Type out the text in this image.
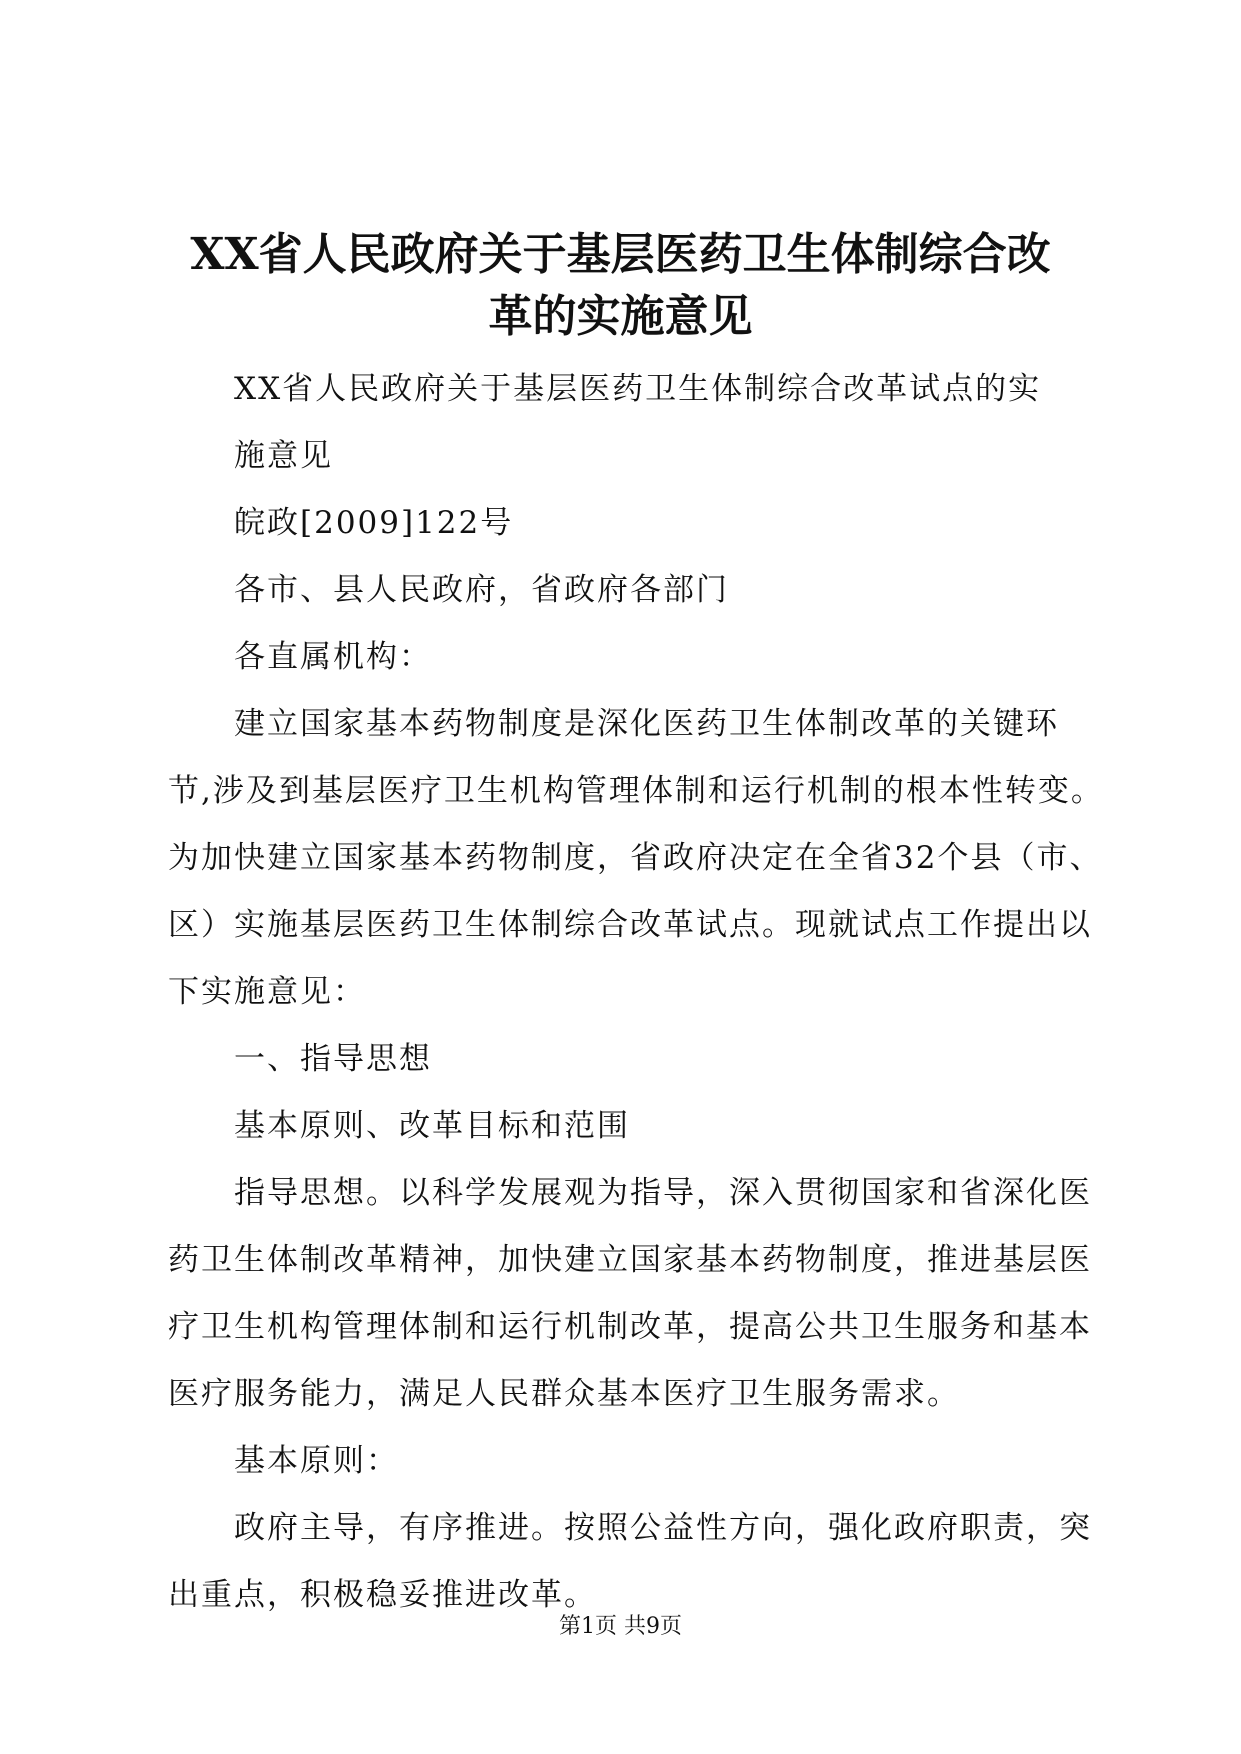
XX省人民政府关于基层医药卫生体制综合改
革的实施意见
XX省人民政府关于基层医药卫生体制综合改革试点的实
施意见
皖政[2009]122号
各市、县人民政府，省政府各部门
各直属机构：
建立国家基本药物制度是深化医药卫生体制改革的关键环
节,涉及到基层医疗卫生机构管理体制和运行机制的根本性转变。
为加快建立国家基本药物制度，省政府决定在全省32个县（市、
区）实施基层医药卫生体制综合改革试点。现就试点工作提出以
下实施意见：
一、指导思想
基本原则、改革目标和范围
指导思想。以科学发展观为指导，深入贯彻国家和省深化医
药卫生体制改革精神，加快建立国家基本药物制度，推进基层医
疗卫生机构管理体制和运行机制改革，提高公共卫生服务和基本
医疗服务能力，满足人民群众基本医疗卫生服务需求。
基本原则：
政府主导，有序推进。按照公益性方向，强化政府职责，突
出重点，积极稳妥推进改革。
第1页 共9页
